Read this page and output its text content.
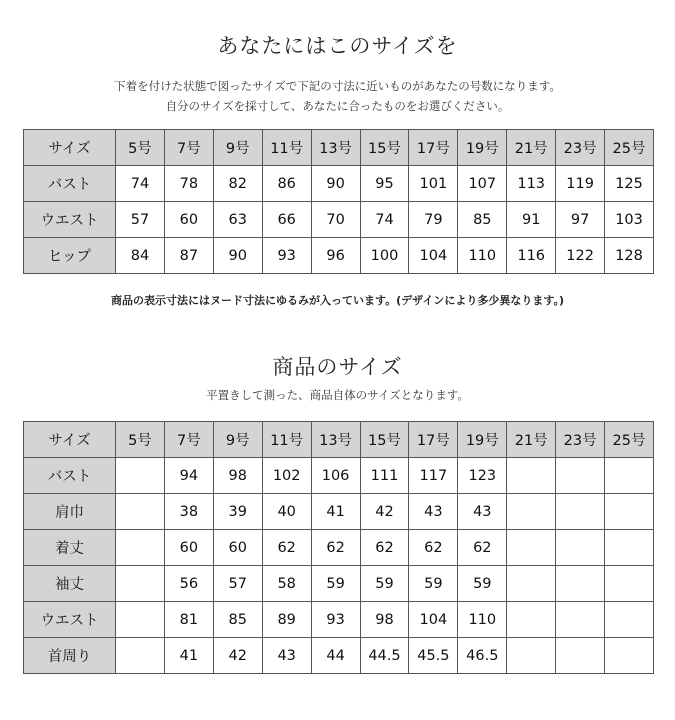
あなたにはこのサイズを
下着を付けた状態で図ったサイズで下記の寸法に近いものがあなたの号数になります。
自分のサイズを採寸して、あなたに合ったものをお選びください。
サイズ	5号	7号	9号	11号	13号	15号	17号	19号	21号	23号	25号
バスト	74	78	82	86	90	95	101	107	113	119	125
ウエスト	57	60	63	66	70	74	79	85	91	97	103
ヒップ	84	87	90	93	96	100	104	110	116	122	128
商品の表示寸法にはヌード寸法にゆるみが入っています。(デザインにより多少異なります。)
商品のサイズ
平置きして測った、商品自体のサイズとなります。
サイズ	5号	7号	9号	11号	13号	15号	17号	19号	21号	23号	25号
バスト		94	98	102	106	111	117	123			
肩巾		38	39	40	41	42	43	43			
着丈		60	60	62	62	62	62	62			
袖丈		56	57	58	59	59	59	59			
ウエスト		81	85	89	93	98	104	110			
首周り		41	42	43	44	44.5	45.5	46.5			
